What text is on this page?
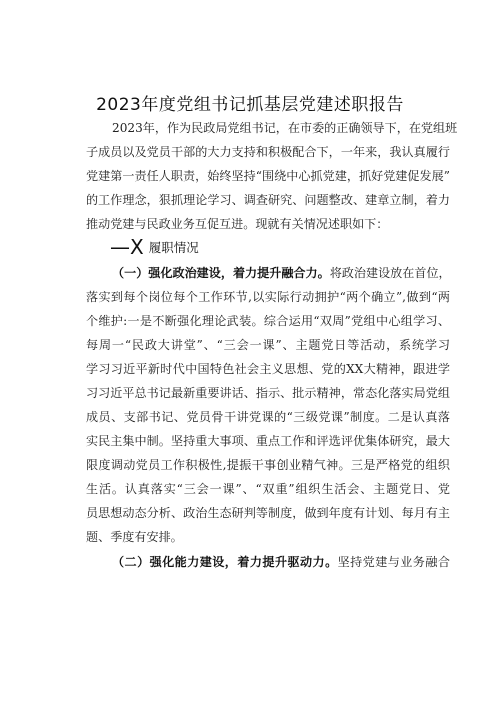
2023年度党组书记抓基层党建述职报告
2023年，作为民政局党组书记，在市委的正确领导下，在党组班
子成员以及党员干部的大力支持和积极配合下，一年来，我认真履行
党建第一责任人职责，始终坚持“围绕中心抓党建，抓好党建促发展”
的工作理念，狠抓理论学习、调查研究、问题整改、建章立制，着力
推动党建与民政业务互促互进。现就有关情况述职如下：
—X 履职情况
（一）强化政治建设，着力提升融合力。将政治建设放在首位，
落实到每个岗位每个工作环节,以实际行动拥护“两个确立”,做到“两
个维护:一是不断强化理论武装。综合运用“双周”党组中心组学习、
每周一“民政大讲堂”、“三会一课”、主题党日等活动，系统学习
学习习近平新时代中国特色社会主义思想、党的XX大精神，跟进学
习习近平总书记最新重要讲话、指示、批示精神，常态化落实局党组
成员、支部书记、党员骨干讲党课的“三级党课”制度。二是认真落
实民主集中制。坚持重大事项、重点工作和评选评优集体研究，最大
限度调动党员工作积极性,提振干事创业精气神。三是严格党的组织
生活。认真落实“三会一课”、“双重”组织生活会、主题党日、党
员思想动态分析、政治生态研判等制度，做到年度有计划、每月有主
题、季度有安排。
（二）强化能力建设，着力提升驱动力。坚持党建与业务融合
